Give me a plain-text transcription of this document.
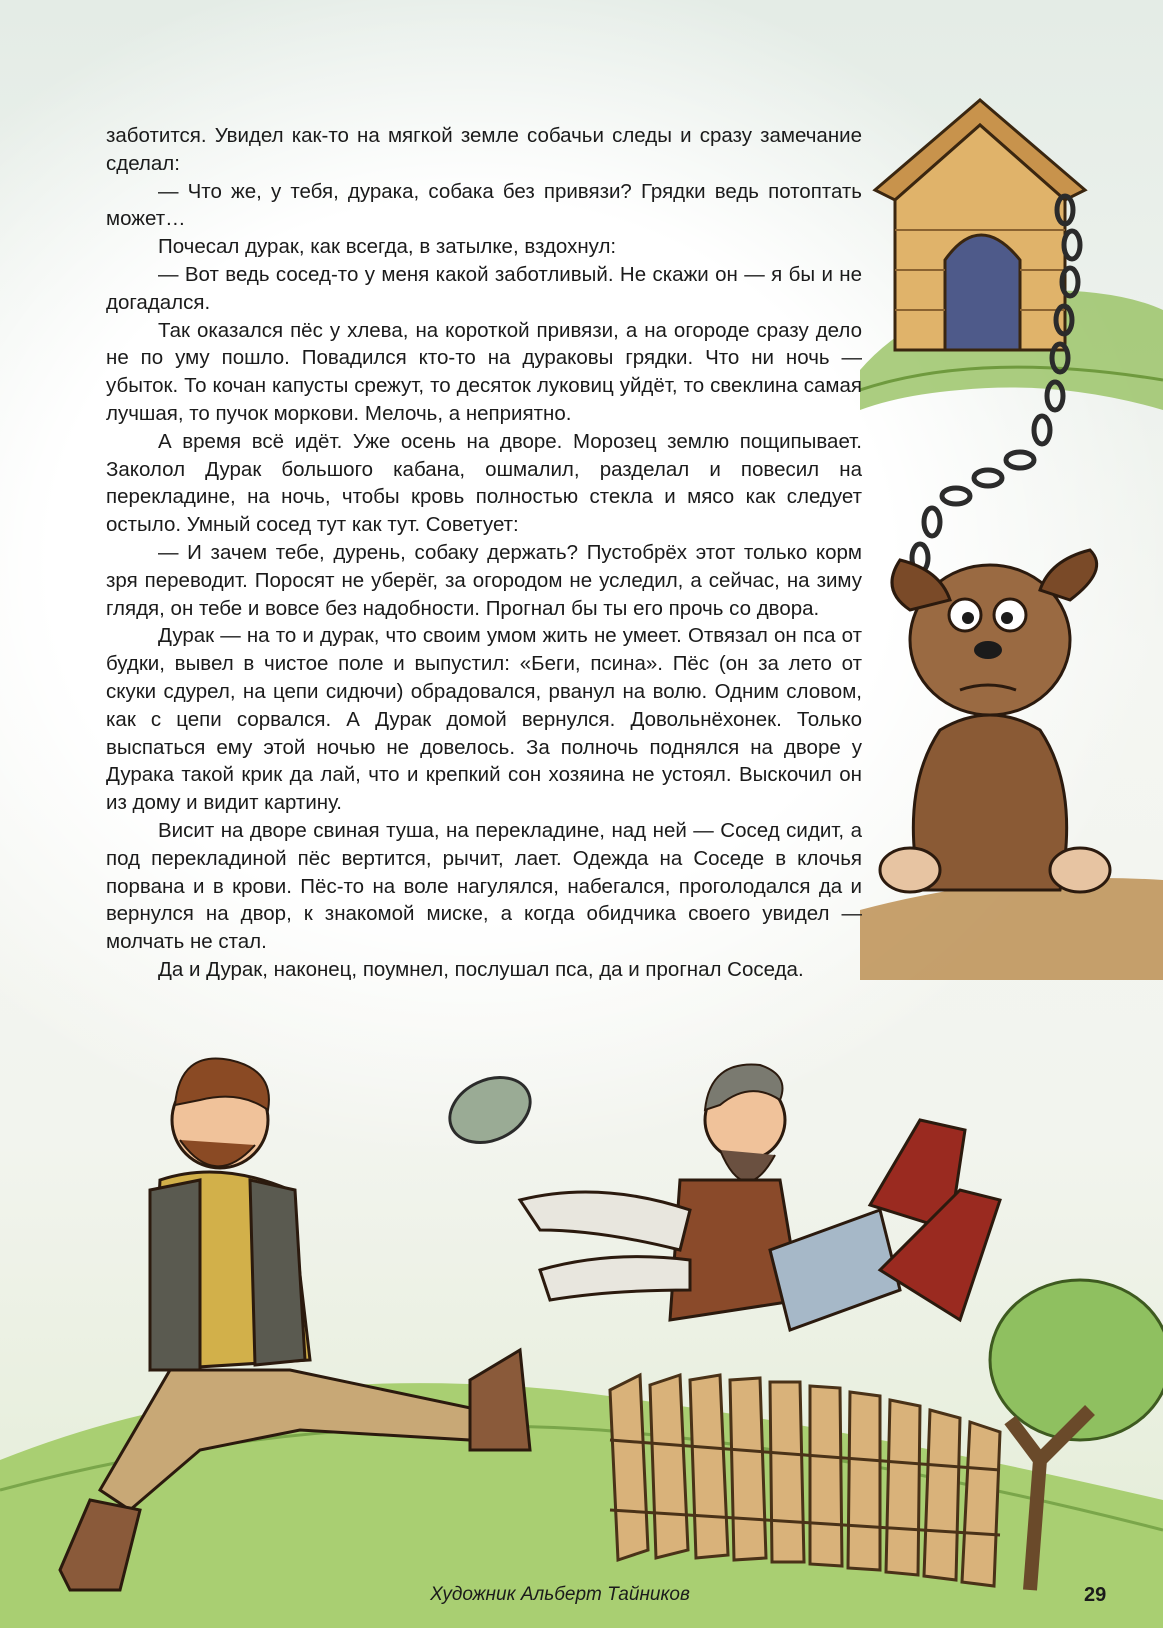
заботится. Увидел как-то на мягкой земле собачьи следы и сразу замечание сделал:

— Что же, у тебя, дурака, собака без привязи? Грядки ведь потоптать может…

Почесал дурак, как всегда, в затылке, вздохнул:

— Вот ведь сосед-то у меня какой заботливый. Не скажи он — я бы и не догадался.

Так оказался пёс у хлева, на короткой привязи, а на огороде сразу дело не по уму пошло. Повадился кто-то на дураковы грядки. Что ни ночь — убыток. То кочан капусты срежут, то десяток луковиц уйдёт, то свеклина самая лучшая, то пучок моркови. Мелочь, а неприятно.

А время всё идёт. Уже осень на дворе. Морозец землю пощипывает. Заколол Дурак большого кабана, ошмалил, разделал и повесил на перекладине, на ночь, чтобы кровь полностью стекла и мясо как следует остыло. Умный сосед тут как тут. Советует:

— И зачем тебе, дурень, собаку держать? Пустобрёх этот только корм зря переводит. Поросят не уберёг, за огородом не уследил, а сейчас, на зиму глядя, он тебе и вовсе без надобности. Прогнал бы ты его прочь со двора.

Дурак — на то и дурак, что своим умом жить не умеет. Отвязал он пса от будки, вывел в чистое поле и выпустил: «Беги, псина». Пёс (он за лето от скуки сдурел, на цепи сидючи) обрадовался, рванул на волю. Одним словом, как с цепи сорвался. А Дурак домой вернулся. Довольнёхонек. Только выспаться ему этой ночью не довелось. За полночь поднялся на дворе у Дурака такой крик да лай, что и крепкий сон хозяина не устоял. Выскочил он из дому и видит картину.

Висит на дворе свиная туша, на перекладине, над ней — Сосед сидит, а под перекладиной пёс вертится, рычит, лает. Одежда на Соседе в клочья порвана и в крови. Пёс-то на воле нагулялся, набегался, проголодался да и вернулся на двор, к знакомой миске, а когда обидчика своего увидел — молчать не стал.

Да и Дурак, наконец, поумнел, послушал пса, да и прогнал Соседа.

Художник Альберт Тайников	29
